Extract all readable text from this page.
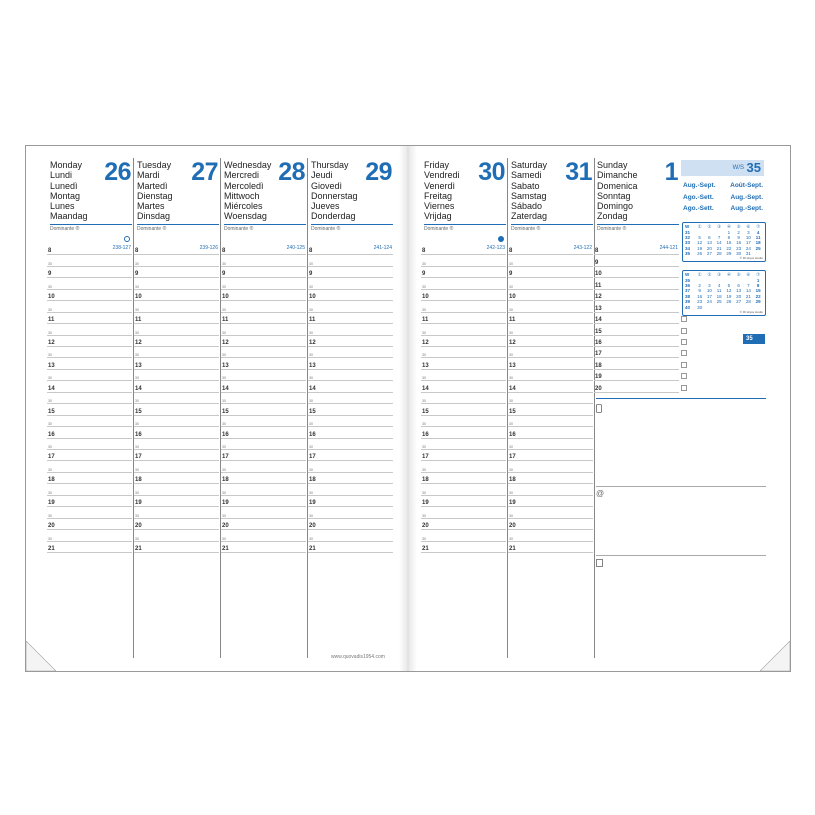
Monday
Lundi
Lunedì
Montag
Lunes
Maandag
26
Dominante ®
238-127
8
30
9
30
10
30
11
30
12
30
13
30
14
30
15
30
16
30
17
30
18
30
19
30
20
30
21
Tuesday
Mardi
Martedì
Dienstag
Martes
Dinsdag
27
Dominante ®
239-126
8
30
9
30
10
30
11
30
12
30
13
30
14
30
15
30
16
30
17
30
18
30
19
30
20
30
21
Wednesday
Mercredi
Mercoledì
Mittwoch
Miércoles
Woensdag
28
Dominante ®
240-125
8
30
9
30
10
30
11
30
12
30
13
30
14
30
15
30
16
30
17
30
18
30
19
30
20
30
21
Thursday
Jeudi
Giovedì
Donnerstag
Jueves
Donderdag
29
Dominante ®
241-124
8
30
9
30
10
30
11
30
12
30
13
30
14
30
15
30
16
30
17
30
18
30
19
30
20
30
21
Friday
Vendredi
Venerdì
Freitag
Viernes
Vrijdag
30
Dominante ®
242-123
8
30
9
30
10
30
11
30
12
30
13
30
14
30
15
30
16
30
17
30
18
30
19
30
20
30
21
Saturday
Samedi
Sabato
Samstag
Sábado
Zaterdag
31
Dominante ®
243-122
8
30
9
30
10
30
11
30
12
30
13
30
14
30
15
30
16
30
17
30
18
30
19
30
20
30
21
Sunday
Dimanche
Domenica
Sonntag
Domingo
Zondag
1
Dominante ®
244-121
8
9
10
11
12
13
14
15
16
17
18
19
20
www.quovadis1954.com
W/S 35
Aug.-Sept. Août-Sept.
Ago.-Sett.	Aug.-Sept.
Ago.-Sett.	Aug.-Sept.
W	①	②	③	④	⑤	⑥	⑦
31				1	2	3	4
32	5	6	7	8	9	10	11
33	12	13	14	15	16	17	18
34	19	20	21	22	23	24	25
35	26	27	28	29	30	31	
© RI skyss studio
W	①	②	③	④	⑤	⑥	⑦
35							1
36	2	3	4	5	6	7	8
37	9	10	11	12	13	14	15
38	16	17	18	19	20	21	22
39	23	24	25	26	27	28	29
40	30						
© RI skyss studio
@
35
